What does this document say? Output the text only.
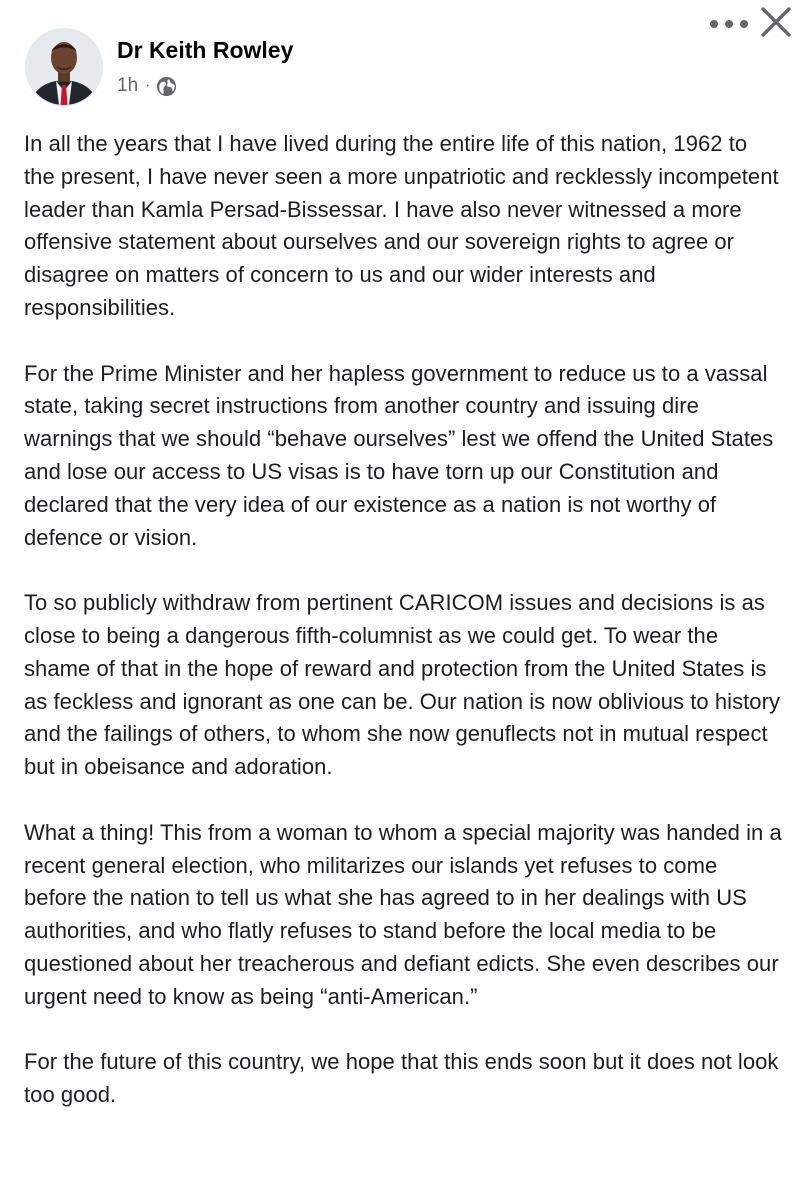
Dr Keith Rowley
1h ·

In all the years that I have lived during the entire life of this nation, 1962 to the present, I have never seen a more unpatriotic and recklessly incompetent leader than Kamla Persad-Bissessar. I have also never witnessed a more offensive statement about ourselves and our sovereign rights to agree or disagree on matters of concern to us and our wider interests and responsibilities.

For the Prime Minister and her hapless government to reduce us to a vassal state, taking secret instructions from another country and issuing dire warnings that we should “behave ourselves” lest we offend the United States and lose our access to US visas is to have torn up our Constitution and declared that the very idea of our existence as a nation is not worthy of defence or vision.

To so publicly withdraw from pertinent CARICOM issues and decisions is as close to being a dangerous fifth-columnist as we could get. To wear the shame of that in the hope of reward and protection from the United States is as feckless and ignorant as one can be. Our nation is now oblivious to history and the failings of others, to whom she now genuflects not in mutual respect but in obeisance and adoration.

What a thing! This from a woman to whom a special majority was handed in a recent general election, who militarizes our islands yet refuses to come before the nation to tell us what she has agreed to in her dealings with US authorities, and who flatly refuses to stand before the local media to be questioned about her treacherous and defiant edicts. She even describes our urgent need to know as being “anti-American.”

For the future of this country, we hope that this ends soon but it does not look too good.
